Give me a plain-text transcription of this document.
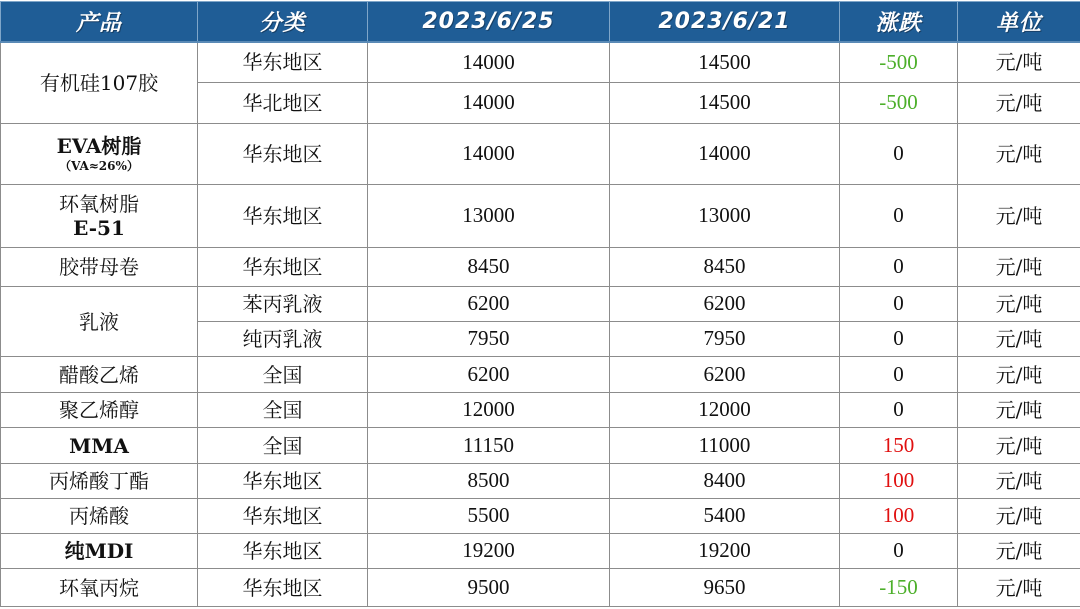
产品	分类	2023/6/25	2023/6/21	涨跌	单位
有机硅107胶	华东地区	14000	14500	-500	元/吨
	华北地区	14000	14500	-500	元/吨
EVA树脂
（VA≈26%）	华东地区	14000	14000	0	元/吨
环氧树脂
E-51	华东地区	13000	13000	0	元/吨
胶带母卷	华东地区	8450	8450	0	元/吨
乳液	苯丙乳液	6200	6200	0	元/吨
	纯丙乳液	7950	7950	0	元/吨
醋酸乙烯	全国	6200	6200	0	元/吨
聚乙烯醇	全国	12000	12000	0	元/吨
MMA	全国	11150	11000	150	元/吨
丙烯酸丁酯	华东地区	8500	8400	100	元/吨
丙烯酸	华东地区	5500	5400	100	元/吨
纯MDI	华东地区	19200	19200	0	元/吨
环氧丙烷	华东地区	9500	9650	-150	元/吨
